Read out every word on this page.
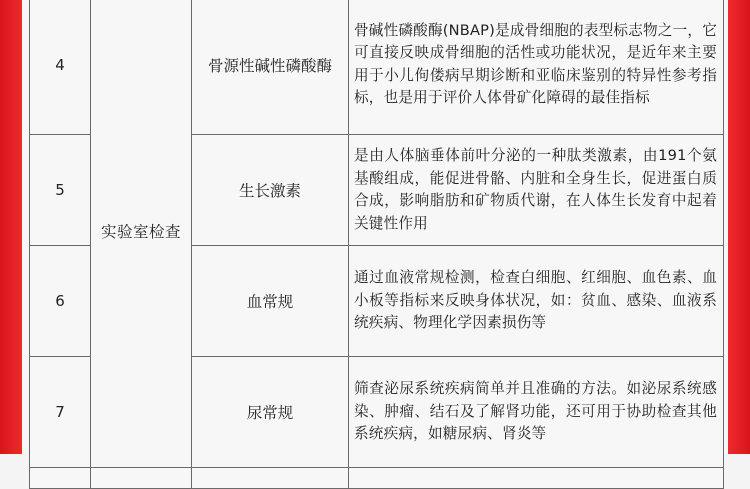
4	实验室检查	骨源性碱性磷酸酶	骨碱性磷酸酶(NBAP)是成骨细胞的表型标志物之一，它可直接反映成骨细胞的活性或功能状况，是近年来主要用于小儿佝偻病早期诊断和亚临床鉴别的特异性参考指标，也是用于评价人体骨矿化障碍的最佳指标

5		生长激素	是由人体脑垂体前叶分泌的一种肽类激素，由191个氨基酸组成，能促进骨骼、内脏和全身生长，促进蛋白质合成，影响脂肪和矿物质代谢，在人体生长发育中起着关键性作用

6		血常规	通过血液常规检测，检查白细胞、红细胞、血色素、血小板等指标来反映身体状况，如：贫血、感染、血液系统疾病、物理化学因素损伤等

7		尿常规	筛查泌尿系统疾病简单并且准确的方法。如泌尿系统感染、肿瘤、结石及了解肾功能，还可用于协助检查其他系统疾病，如糖尿病、肾炎等
